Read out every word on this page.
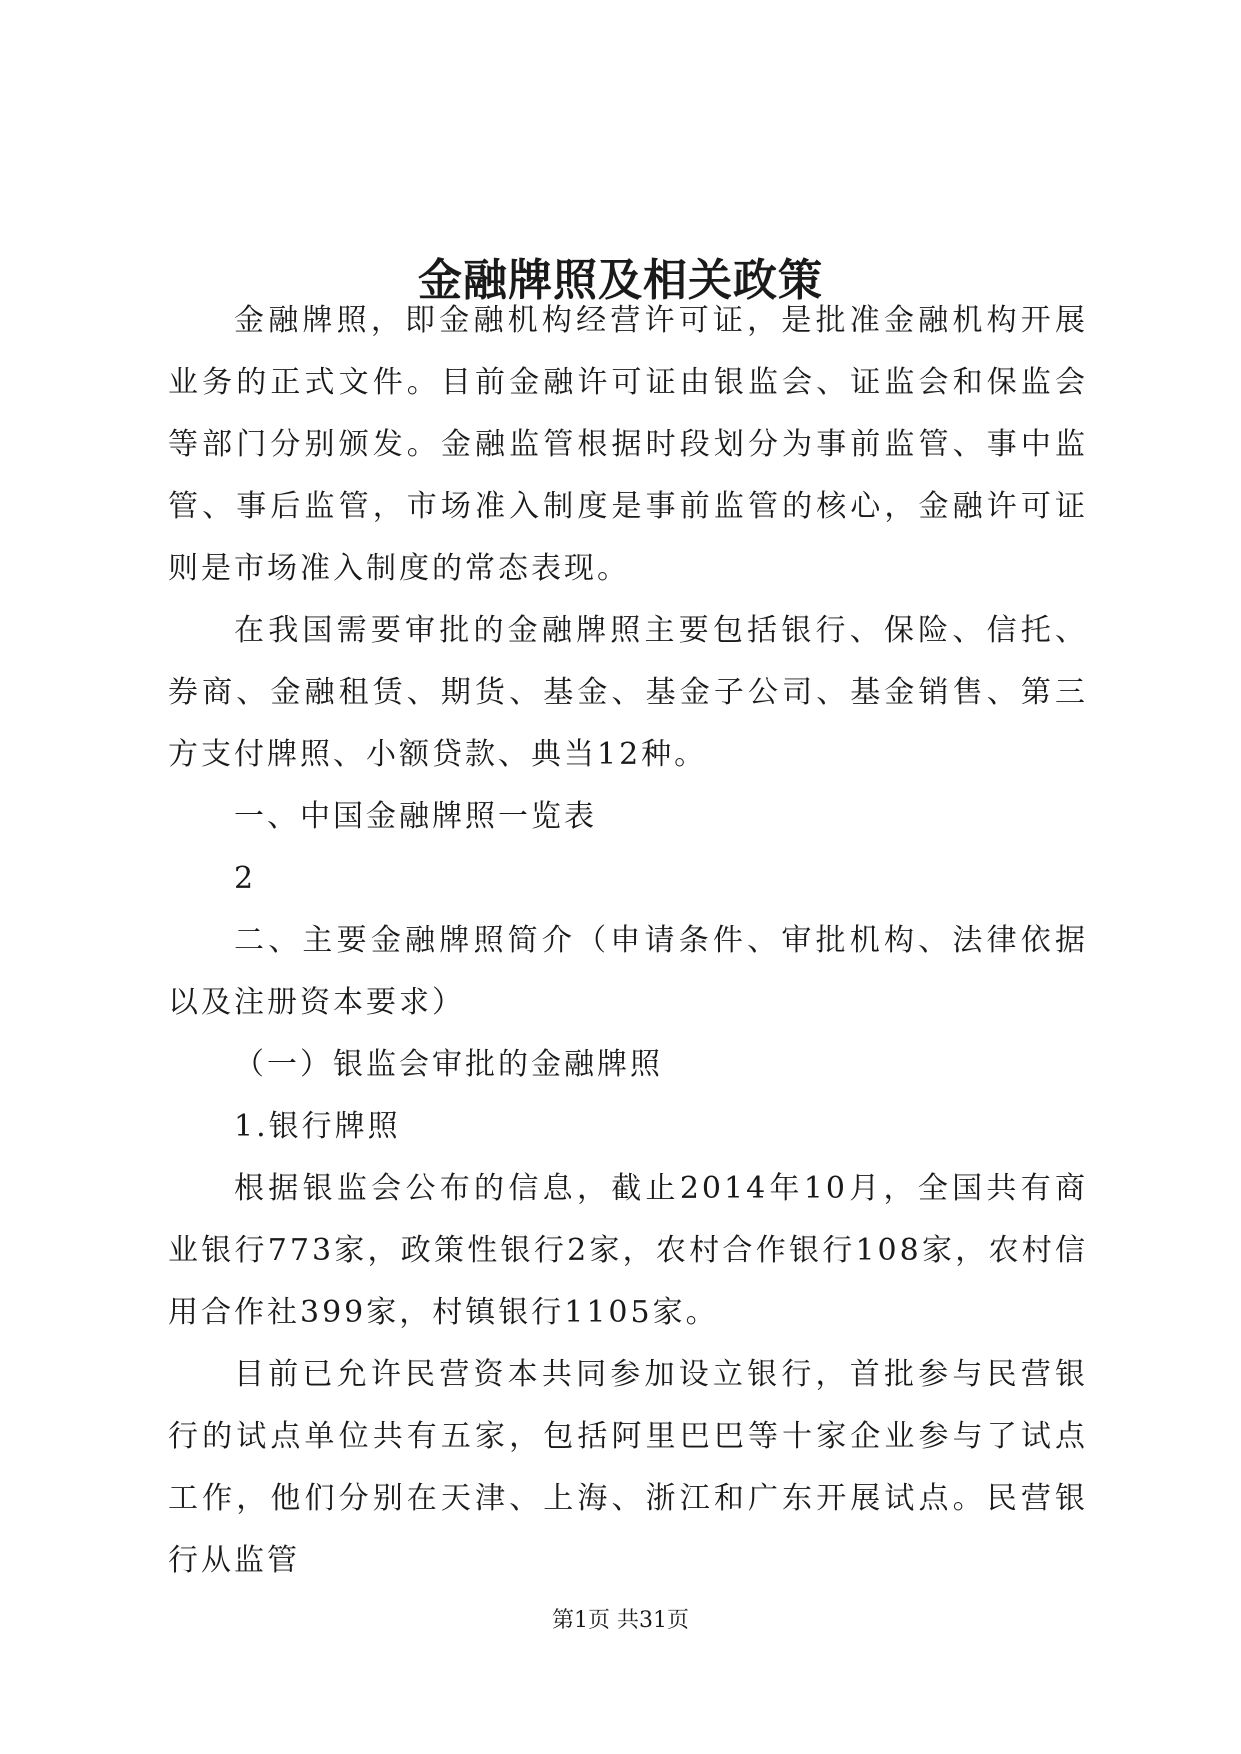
金融牌照及相关政策

金融牌照，即金融机构经营许可证，是批准金融机构开展业务的正式文件。目前金融许可证由银监会、证监会和保监会等部门分别颁发。金融监管根据时段划分为事前监管、事中监管、事后监管，市场准入制度是事前监管的核心，金融许可证则是市场准入制度的常态表现。

在我国需要审批的金融牌照主要包括银行、保险、信托、券商、金融租赁、期货、基金、基金子公司、基金销售、第三方支付牌照、小额贷款、典当12种。

一、中国金融牌照一览表

2

二、主要金融牌照简介（申请条件、审批机构、法律依据以及注册资本要求）

（一）银监会审批的金融牌照

1.银行牌照

根据银监会公布的信息，截止2014年10月，全国共有商业银行773家，政策性银行2家，农村合作银行108家，农村信用合作社399家，村镇银行1105家。

目前已允许民营资本共同参加设立银行，首批参与民营银行的试点单位共有五家，包括阿里巴巴等十家企业参与了试点工作，他们分别在天津、上海、浙江和广东开展试点。民营银行从监管

第1页 共31页
